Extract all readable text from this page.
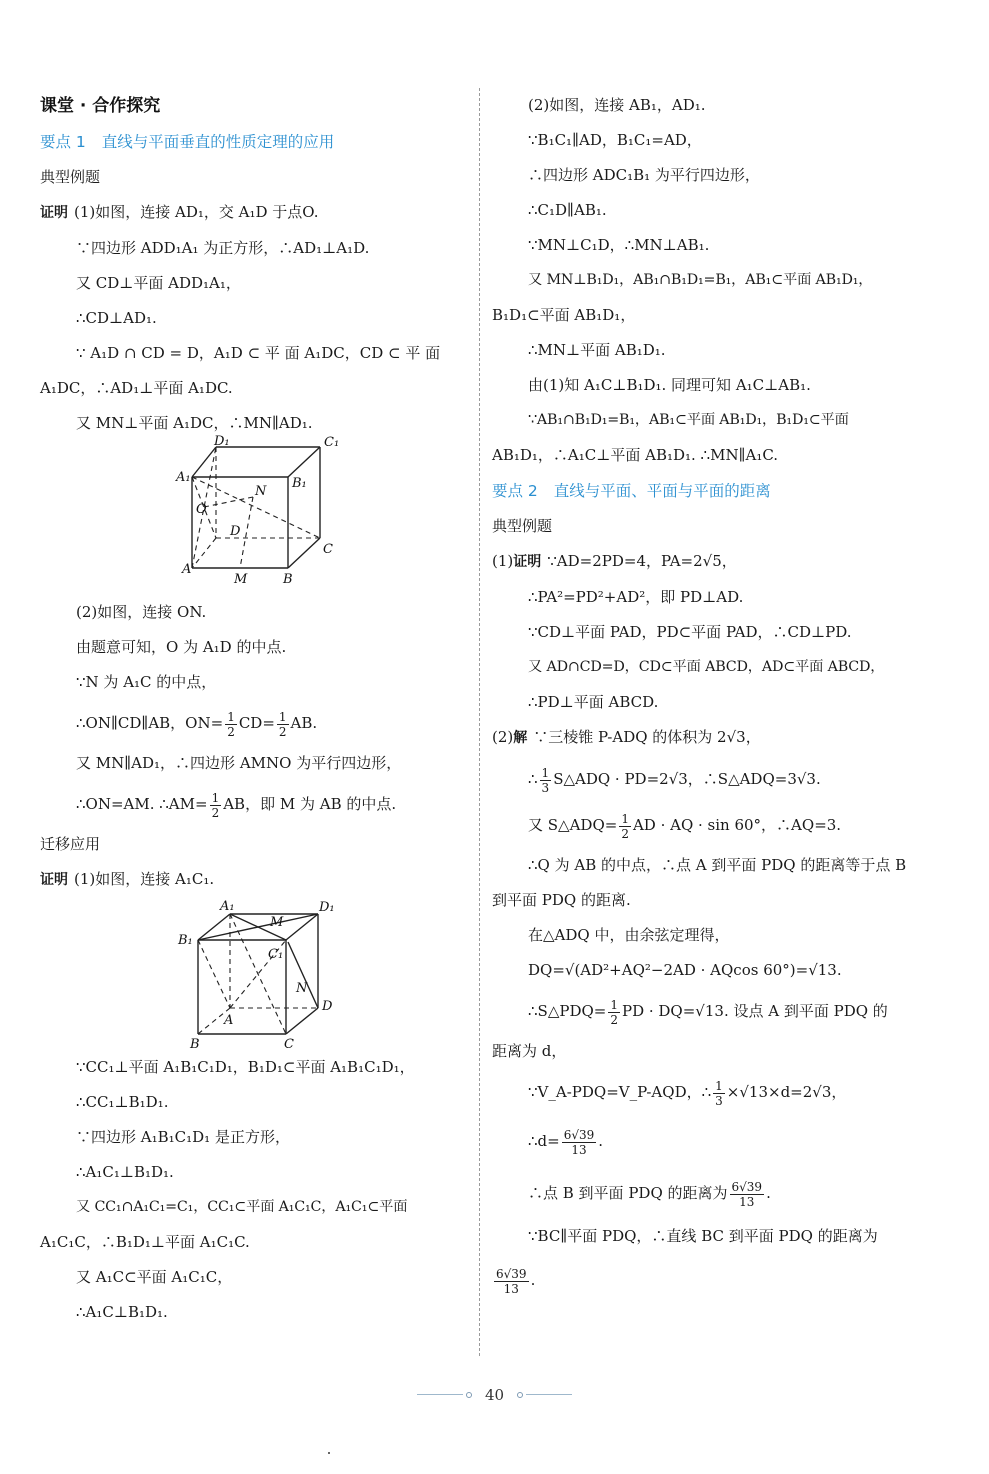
课堂 · 合作探究
要点 1 直线与平面垂直的性质定理的应用
典型例题
证明 (1)如图，连接 AD₁，交 A₁D 于点O.
∵四边形 ADD₁A₁ 为正方形，∴AD₁⊥A₁D.
又 CD⊥平面 ADD₁A₁，
∴CD⊥AD₁.
∵ A₁D ∩ CD = D，A₁D ⊂ 平 面 A₁DC，CD ⊂ 平 面
A₁DC，∴AD₁⊥平面 A₁DC.
又 MN⊥平面 A₁DC，∴MN∥AD₁.
D₁	C₁
A₁	B₁
O
N
D
C
A
M	B
(2)如图，连接 ON.
由题意可知，O 为 A₁D 的中点.
∵N 为 A₁C 的中点，
∴ON∥CD∥AB，$ON= \frac{1}{2} CD= \frac{1}{2}$ AB.
又 MN∥AD₁，∴四边形 AMNO 为平行四边形，
∴ON=AM. ∴AM= $\frac{1}{2}$ AB，即 M 为 AB 的中点.
迁移应用
证明 (1)如图，连接 A₁C₁.
A₁
M
D₁
B₁
C₁
N
D
A
B	C
∵CC₁⊥平面 A₁B₁C₁D₁，B₁D₁⊂平面 A₁B₁C₁D₁，
∴CC₁⊥B₁D₁.
∵四边形 A₁B₁C₁D₁ 是正方形，
∴A₁C₁⊥B₁D₁.
又 CC₁∩A₁C₁=C₁，CC₁⊂平面 A₁C₁C，A₁C₁⊂平面
A₁C₁C，∴B₁D₁⊥平面 A₁C₁C.
又 A₁C⊂平面 A₁C₁C，
∴A₁C⊥B₁D₁.
(2)如图，连接 AB₁，AD₁.
∵B₁C₁∥AD，B₁C₁=AD，
∴四边形 ADC₁B₁ 为平行四边形，
∴C₁D∥AB₁.
∵MN⊥C₁D，∴MN⊥AB₁.
又 MN⊥B₁D₁，AB₁∩B₁D₁=B₁，AB₁⊂平面 AB₁D₁，
B₁D₁⊂平面 AB₁D₁，
∴MN⊥平面 AB₁D₁.
由(1)知 A₁C⊥B₁D₁. 同理可知 A₁C⊥AB₁.
∵AB₁∩B₁D₁=B₁，AB₁⊂平面 AB₁D₁，B₁D₁⊂平面
AB₁D₁，∴A₁C⊥平面 AB₁D₁. ∴MN∥A₁C.
要点 2 直线与平面、平面与平面的距离
典型例题
(1)证明 ∵AD=2PD=4，PA=2√5，
∴PA²=PD²+AD²，即 PD⊥AD.
∵CD⊥平面 PAD，PD⊂平面 PAD，∴CD⊥PD.
又 AD∩CD=D，CD⊂平面 ABCD，AD⊂平面 ABCD，
∴PD⊥平面 ABCD.
(2)解 ∵三棱锥 P-ADQ 的体积为 2√3，
∴ $\frac{1}{3}$ S△ADQ · PD=2√3，∴S△ADQ=3√3.
又 S△ADQ= $\frac{1}{2}$ AD · AQ · sin 60°，∴AQ=3.
∴Q 为 AB 的中点，∴点 A 到平面 PDQ 的距离等于点 B
到平面 PDQ 的距离.
在△ADQ 中，由余弦定理得，
DQ=√(AD²+AQ²−2AD · AQcos 60°)=√13.
∴S△PDQ= $\frac{1}{2}$ PD · DQ=√13. 设点 A 到平面 PDQ 的
距离为 d，
∵V_A-PDQ=V_P-AQD，∴ $\frac{1}{3} \times√13\times d=2√3$，
∴d= $\frac{6√39}{13}$ .
∴点 B 到平面 PDQ 的距离为 $\frac{6√39}{13}$ .
∵BC∥平面 PDQ，∴直线 BC 到平面 PDQ 的距离为
$\frac{6√39}{13}$ .
40
